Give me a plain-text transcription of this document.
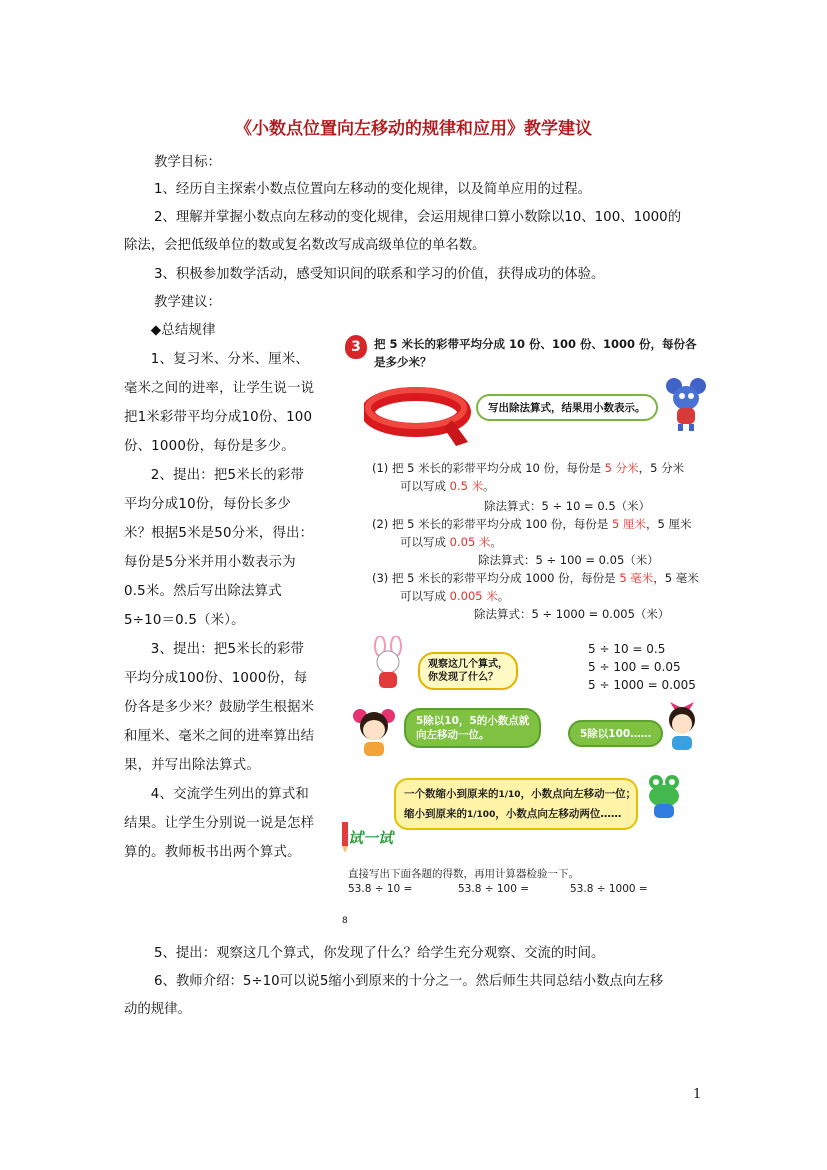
《小数点位置向左移动的规律和应用》教学建议

教学目标：

1、经历自主探索小数点位置向左移动的变化规律，以及简单应用的过程。

2、理解并掌握小数点向左移动的变化规律，会运用规律口算小数除以10、100、1000的

除法，会把低级单位的数或复名数改写成高级单位的单名数。

3、积极参加数学活动，感受知识间的联系和学习的价值，获得成功的体验。

教学建议：

◆总结规律

1、复习米、分米、厘米、毫米之间的进率，让学生说一说把1米彩带平均分成10份、100份、1000份，每份是多少。

2、提出：把5米长的彩带平均分成10份，每份长多少米？根据5米是50分米，得出：每份是5分米并用小数表示为0.5米。然后写出除法算式5÷10＝0.5（米）。

3、提出：把5米长的彩带平均分成100份、1000份，每份各是多少米？鼓励学生根据米和厘米、毫米之间的进率算出结果，并写出除法算式。

4、交流学生列出的算式和结果。让学生分别说一说是怎样算的。教师板书出两个算式。

5、提出：观察这几个算式，你发现了什么？给学生充分观察、交流的时间。

6、教师介绍：5÷10可以说5缩小到原来的十分之一。然后师生共同总结小数点向左移

动的规律。

3	把 5 米长的彩带平均分成 10 份、100 份、1000 份，每份各
是多少米？
写出除法算式，结果用小数表示。
(1) 把 5 米长的彩带平均分成 10 份，每份是 5 分米，5 分米
可以写成 0.5 米。
除法算式：5 ÷ 10 = 0.5（米）
(2) 把 5 米长的彩带平均分成 100 份，每份是 5 厘米，5 厘米
可以写成 0.05 米。
除法算式：5 ÷ 100 = 0.05（米）
(3) 把 5 米长的彩带平均分成 1000 份，每份是 5 毫米，5 毫米
可以写成 0.005 米。
除法算式：5 ÷ 1000 = 0.005（米）
观察这几个算式，
你发现了什么？
5 ÷ 10 = 0.5
5 ÷ 100 = 0.05
5 ÷ 1000 = 0.005
5除以10，5的小数点就
向左移动一位。	5除以100……
一个数缩小到原来的1/10，小数点向左移动一位；
缩小到原来的1/100，小数点向左移动两位……
试一试
直接写出下面各题的得数，再用计算器检验一下。
53.8 ÷ 10 =	53.8 ÷ 100 =	53.8 ÷ 1000 =
8
1
